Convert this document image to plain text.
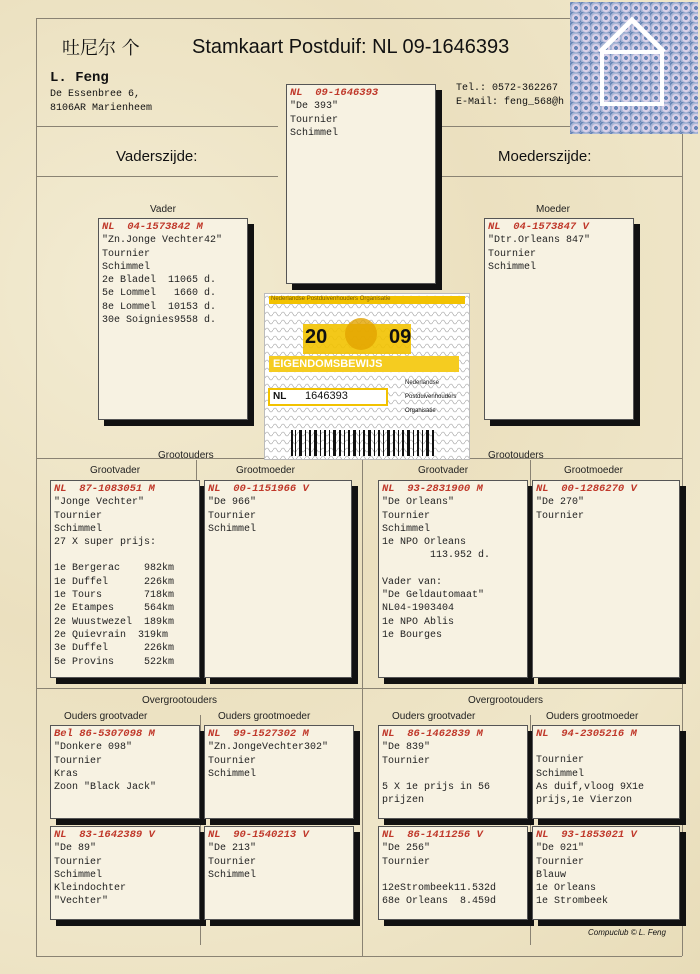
吐尼尔 个	Stamkaart Postduif: NL 09-1646393
L. Feng
De Essenbree 6,
8106AR Marienheem
Tel.: 0572-362267
E-Mail: feng_568@h
Vaderszijde:	Moederszijde:
Vader	Moeder
Grootouders	Grootouders
Grootvader	Grootmoeder	Grootvader	Grootmoeder
Overgrootouders	Overgrootouders
Ouders grootvader	Ouders grootmoeder	Ouders grootvader	Ouders grootmoeder
NL  09-1646393
"De 393"
Tournier
Schimmel
NL  04-1573842 M
"Zn.Jonge Vechter42"
Tournier
Schimmel
2e Bladel  11065 d.
5e Lommel   1660 d.
8e Lommel  10153 d.
30e Soignies9558 d.
NL  04-1573847 V
"Dtr.Orleans 847"
Tournier
Schimmel
NL  87-1083051 M
"Jonge Vechter"
Tournier
Schimmel
27 X super prijs:
1e Bergerac    982km
1e Duffel      226km
1e Tours       718km
2e Etampes     564km
2e Wuustwezel  189km
2e Quievrain  319km
3e Duffel      226km
5e Provins     522km
NL  00-1151966 V
"De 966"
Tournier
Schimmel
NL  93-2831900 M
"De Orleans"
Tournier
Schimmel
1e NPO Orleans
113.952 d.
Vader van:
"De Geldautomaat"
NL04-1903404
1e NPO Ablis
1e Bourges
NL  00-1286270 V
"De 270"
Tournier
Bel 86-5307098 M
"Donkere 098"
Tournier
Kras
Zoon "Black Jack"
NL  99-1527302 M
"Zn.JongeVechter302"
Tournier
Schimmel
NL  86-1462839 M
"De 839"
Tournier
5 X 1e prijs in 56
prijzen
NL  94-2305216 M
Tournier
Schimmel
As duif,vloog 9X1e
prijs,1e Vierzon
NL  83-1642389 V
"De 89"
Tournier
Schimmel
Kleindochter
"Vechter"
NL  90-1540213 V
"De 213"
Tournier
Schimmel
NL  86-1411256 V
"De 256"
Tournier
12eStrombeek11.532d
68e Orleans  8.459d
NL  93-1853021 V
"De 021"
Tournier
Blauw
1e Orleans
1e Strombeek
Nederlandse Postduivenhouders Organisatie
20	09
EIGENDOMSBEWIJS
NL 1646393
Nederlandse
Postduivenhouders
Organisatie
Compuclub © L. Feng
